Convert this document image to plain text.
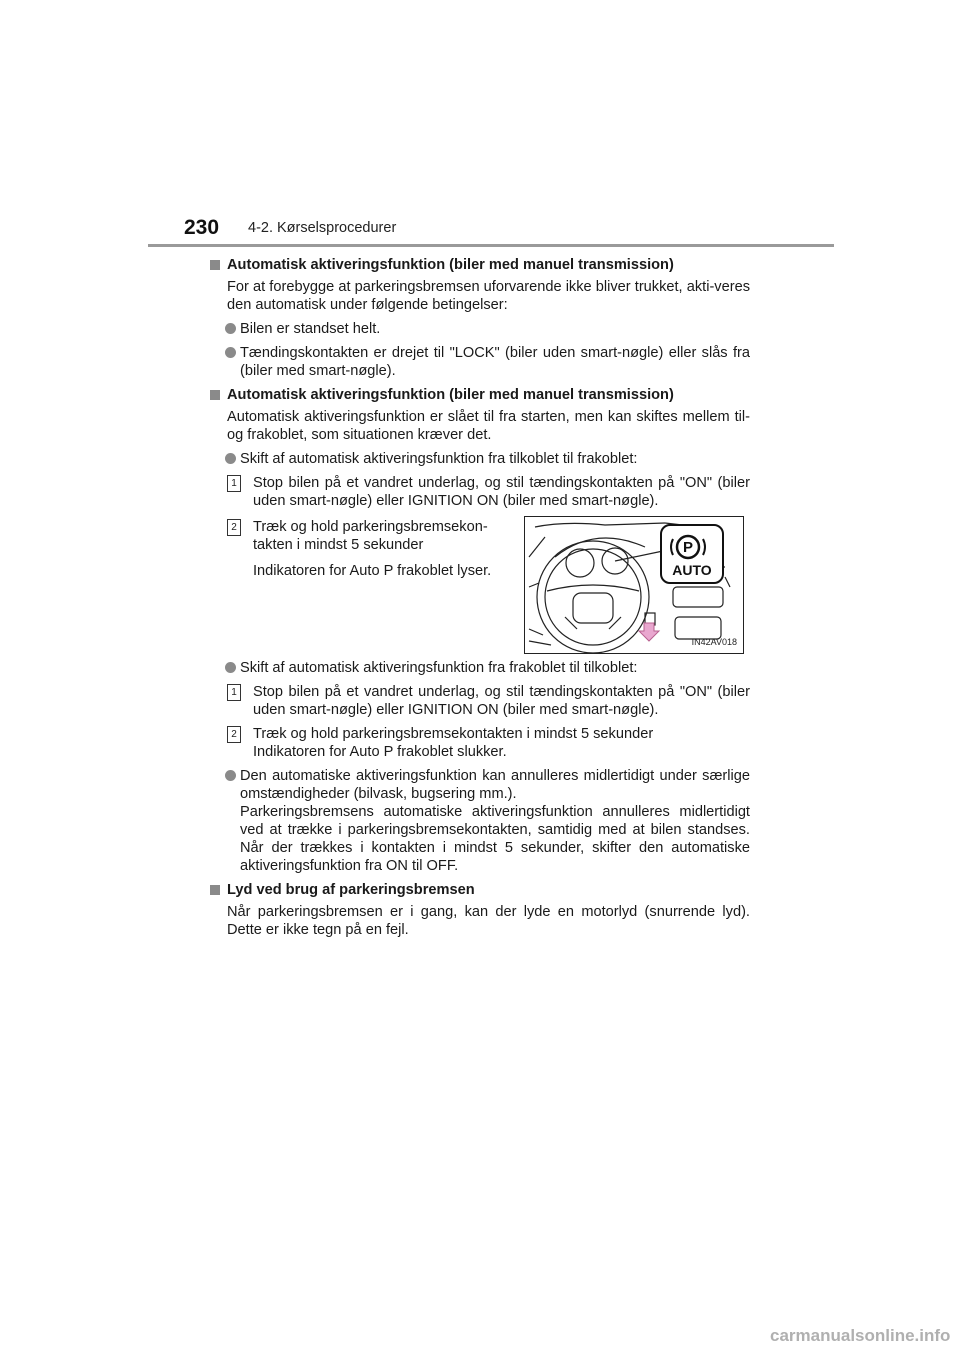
230 4-2. Kørselsprocedurer
Automatisk aktiveringsfunktion (biler med manuel transmission)
For at forebygge at parkeringsbremsen uforvarende ikke bliver trukket, akti-veres den automatisk under følgende betingelser:
Bilen er standset helt.
Tændingskontakten er drejet til "LOCK" (biler uden smart-nøgle) eller slås fra (biler med smart-nøgle).
Automatisk aktiveringsfunktion (biler med manuel transmission)
Automatisk aktiveringsfunktion er slået til fra starten, men kan skiftes mellem til- og frakoblet, som situationen kræver det.
Skift af automatisk aktiveringsfunktion fra tilkoblet til frakoblet:
1 Stop bilen på et vandret underlag, og stil tændingskontakten på "ON" (biler uden smart-nøgle) eller IGNITION ON (biler med smart-nøgle).
2 Træk og hold parkeringsbremsekon-takten i mindst 5 sekunder
Indikatoren for Auto P frakoblet lyser.
P
AUTO
IN42AV018
Skift af automatisk aktiveringsfunktion fra frakoblet til tilkoblet:
1 Stop bilen på et vandret underlag, og stil tændingskontakten på "ON" (biler uden smart-nøgle) eller IGNITION ON (biler med smart-nøgle).
2 Træk og hold parkeringsbremsekontakten i mindst 5 sekunder
Indikatoren for Auto P frakoblet slukker.
Den automatiske aktiveringsfunktion kan annulleres midlertidigt under særlige omstændigheder (bilvask, bugsering mm.).
Parkeringsbremsens automatiske aktiveringsfunktion annulleres midlertidigt ved at trække i parkeringsbremsekontakten, samtidig med at bilen standses. Når der trækkes i kontakten i mindst 5 sekunder, skifter den automatiske aktiveringsfunktion fra ON til OFF.
Lyd ved brug af parkeringsbremsen
Når parkeringsbremsen er i gang, kan der lyde en motorlyd (snurrende lyd). Dette er ikke tegn på en fejl.
carmanualsonline.info
